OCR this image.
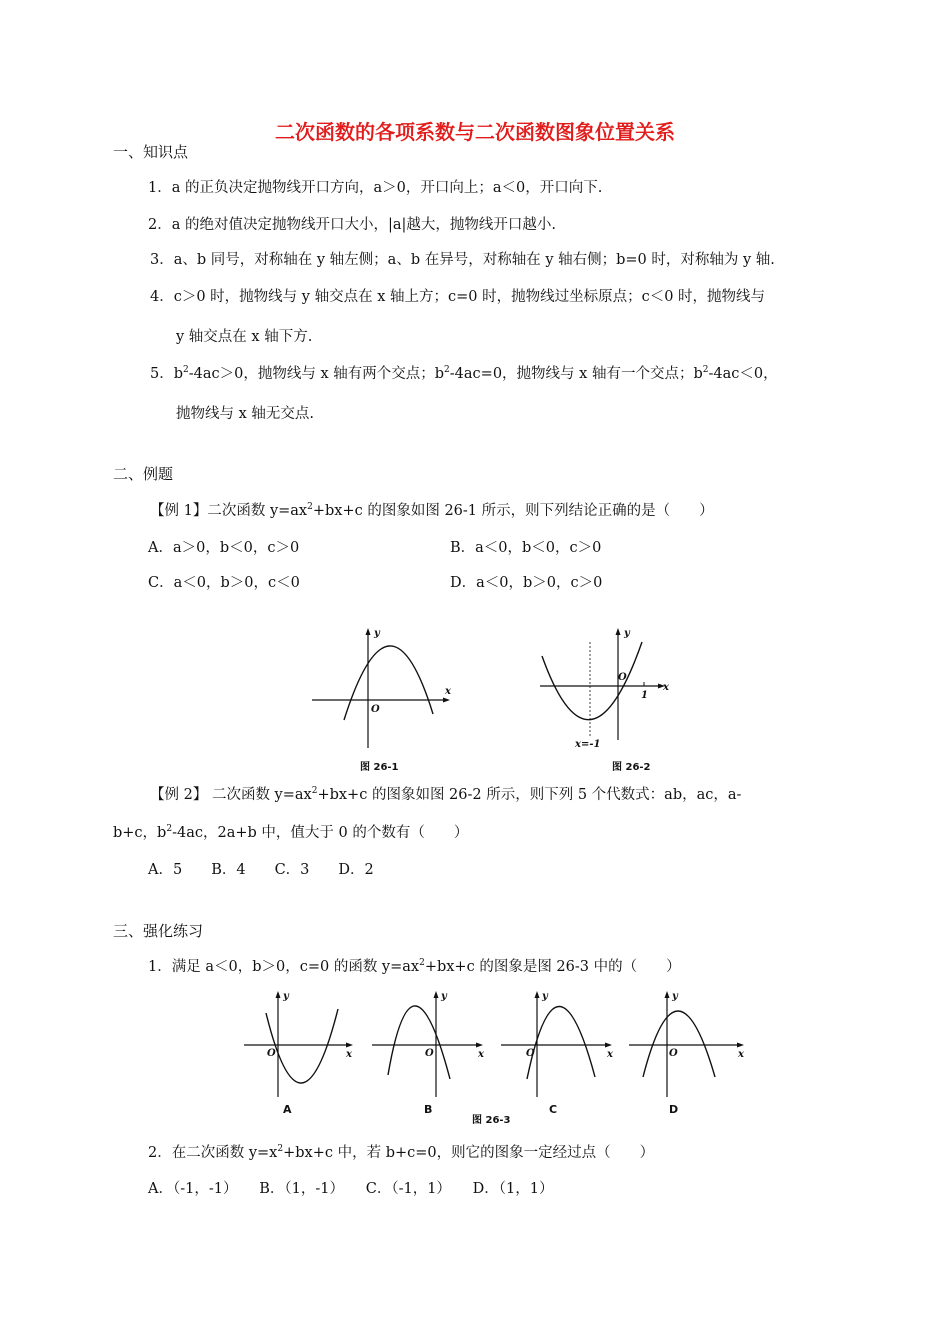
二次函数的各项系数与二次函数图象位置关系
一、知识点
1．a 的正负决定抛物线开口方向，a＞0，开口向上；a＜0，开口向下.
2．a 的绝对值决定抛物线开口大小，|a|越大，抛物线开口越小.
3．a、b 同号，对称轴在 y 轴左侧；a、b 在异号，对称轴在 y 轴右侧；b=0 时，对称轴为 y 轴.
4．c＞0 时，抛物线与 y 轴交点在 x 轴上方；c=0 时，抛物线过坐标原点；c＜0 时，抛物线与
y 轴交点在 x 轴下方.
5．$b^2-4ac>0$，抛物线与 x 轴有两个交点；$b^2-4ac=0$，抛物线与 x 轴有一个交点；$b^2-4ac<0$，
抛物线与 x 轴无交点.
二、例题
【例 1】二次函数 $y=ax^2+bx+c$ 的图象如图 26-1 所示，则下列结论正确的是（　　）
A．a＞0，b＜0，c＞0	B．a＜0，b＜0，c＞0
C．a＜0，b＞0，c＜0	D．a＜0，b＞0，c＞0
x
y
O
图 26-1
x
y
O
1
x=-1
图 26-2
【例 2】 二次函数 $y=ax^2+bx+c$ 的图象如图 26-2 所示，则下列 5 个代数式：ab，ac，a-
b+c，$b^2-4ac$，2a+b 中，值大于 0 的个数有（　　）
A．5　　B．4　　C．3　　D．2
三、强化练习
1．满足 a＜0，b＞0，c=0 的函数 $y=ax^2+bx+c$ 的图象是图 26-3 中的（　　）
x
y
O
A
x
y
O
B
x
y
O
C
x
y
O
D
图 26-3
2．在二次函数 $y=x^2+bx+c$ 中，若 b+c=0，则它的图象一定经过点（　　）
A．（-1，-1）　　B．（1，-1）　　C．（-1，1）　　D．（1，1）
